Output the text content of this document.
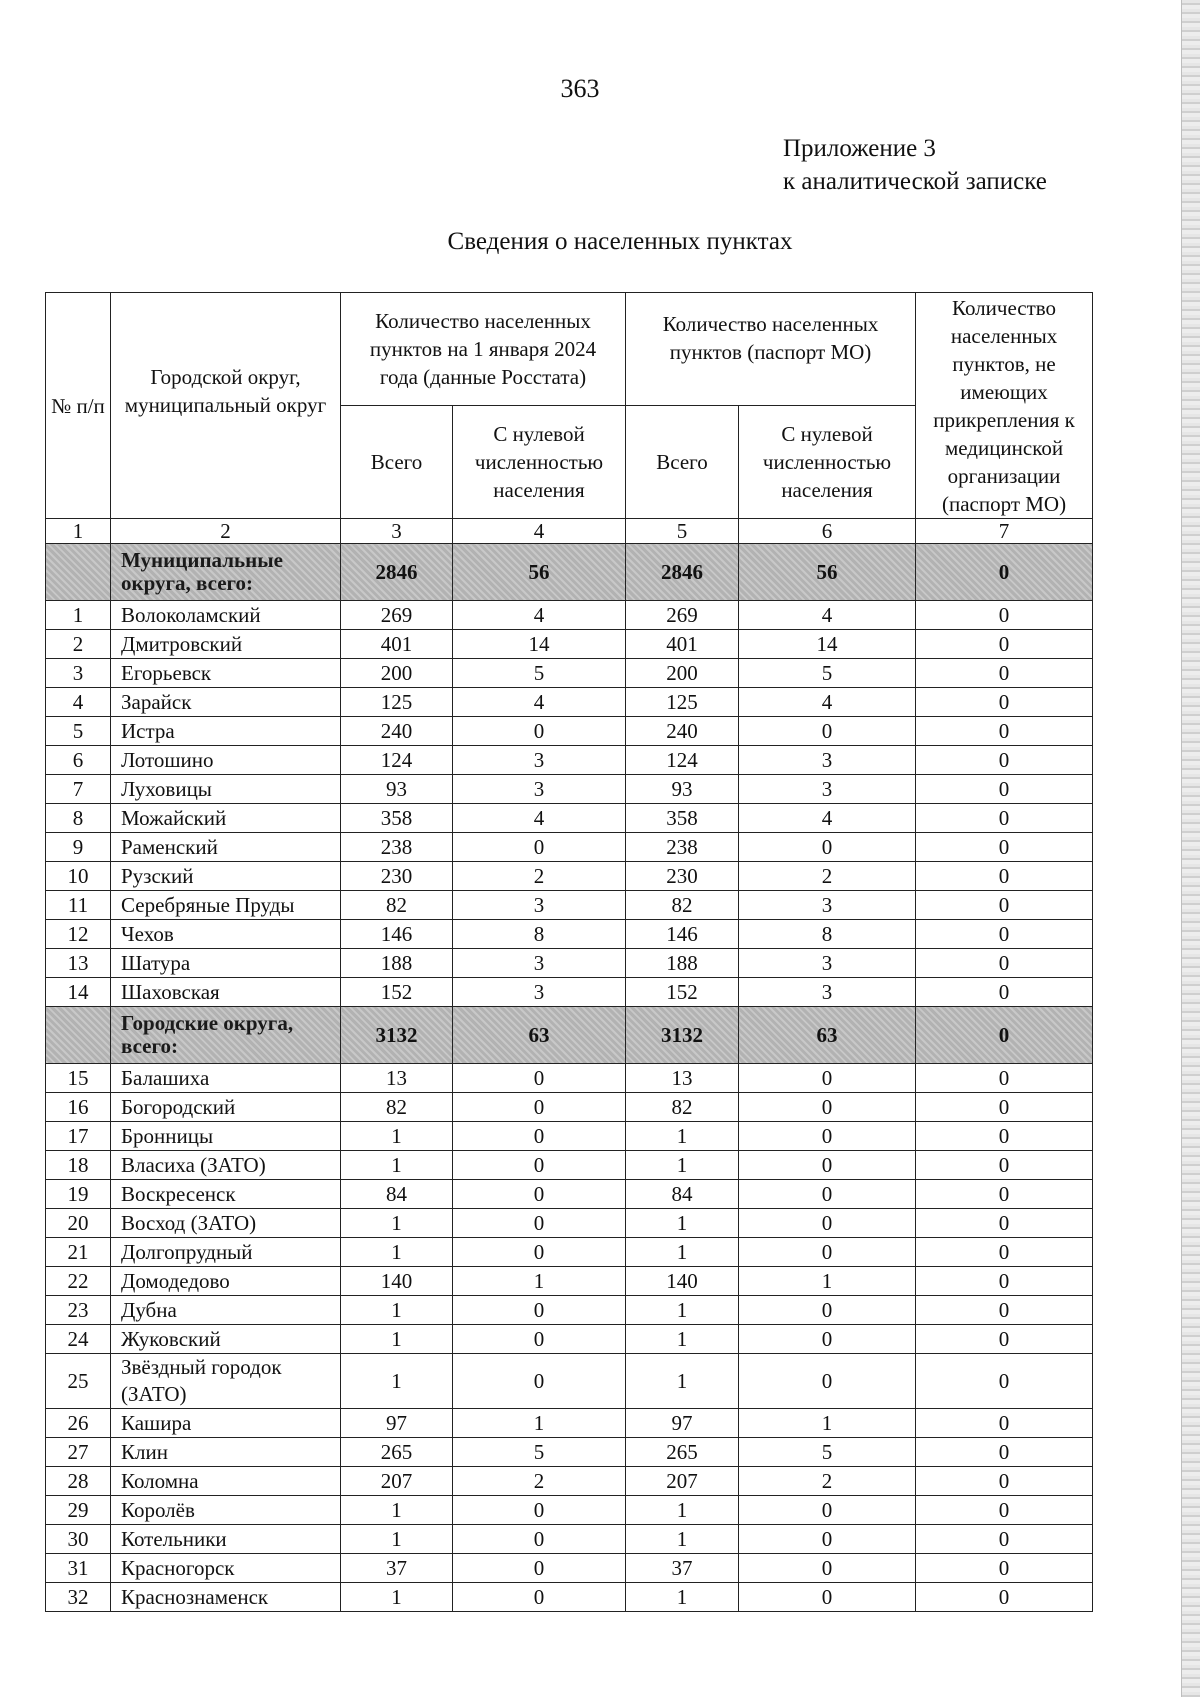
363
Приложение 3
к аналитической записке
Сведения о населенных пунктах
№ п/п	Городской округ, муниципальный округ	Количество населенных пунктов на 1 января 2024 года (данные Росстата)		Количество населенных пунктов (паспорт МО)		Количество населенных пунктов, не имеющих прикрепления к медицинской организации (паспорт МО)
		Всего	С нулевой численностью населения	Всего	С нулевой численностью населения	
1	2	3	4	5	6	7
	Муниципальные округа, всего:	2846	56	2846	56	0
1	Волоколамский	269	4	269	4	0
2	Дмитровский	401	14	401	14	0
3	Егорьевск	200	5	200	5	0
4	Зарайск	125	4	125	4	0
5	Истра	240	0	240	0	0
6	Лотошино	124	3	124	3	0
7	Луховицы	93	3	93	3	0
8	Можайский	358	4	358	4	0
9	Раменский	238	0	238	0	0
10	Рузский	230	2	230	2	0
11	Серебряные Пруды	82	3	82	3	0
12	Чехов	146	8	146	8	0
13	Шатура	188	3	188	3	0
14	Шаховская	152	3	152	3	0
	Городские округа, всего:	3132	63	3132	63	0
15	Балашиха	13	0	13	0	0
16	Богородский	82	0	82	0	0
17	Бронницы	1	0	1	0	0
18	Власиха (ЗАТО)	1	0	1	0	0
19	Воскресенск	84	0	84	0	0
20	Восход (ЗАТО)	1	0	1	0	0
21	Долгопрудный	1	0	1	0	0
22	Домодедово	140	1	140	1	0
23	Дубна	1	0	1	0	0
24	Жуковский	1	0	1	0	0
25	Звёздный городок (ЗАТО)	1	0	1	0	0
26	Кашира	97	1	97	1	0
27	Клин	265	5	265	5	0
28	Коломна	207	2	207	2	0
29	Королёв	1	0	1	0	0
30	Котельники	1	0	1	0	0
31	Красногорск	37	0	37	0	0
32	Краснознаменск	1	0	1	0	0
